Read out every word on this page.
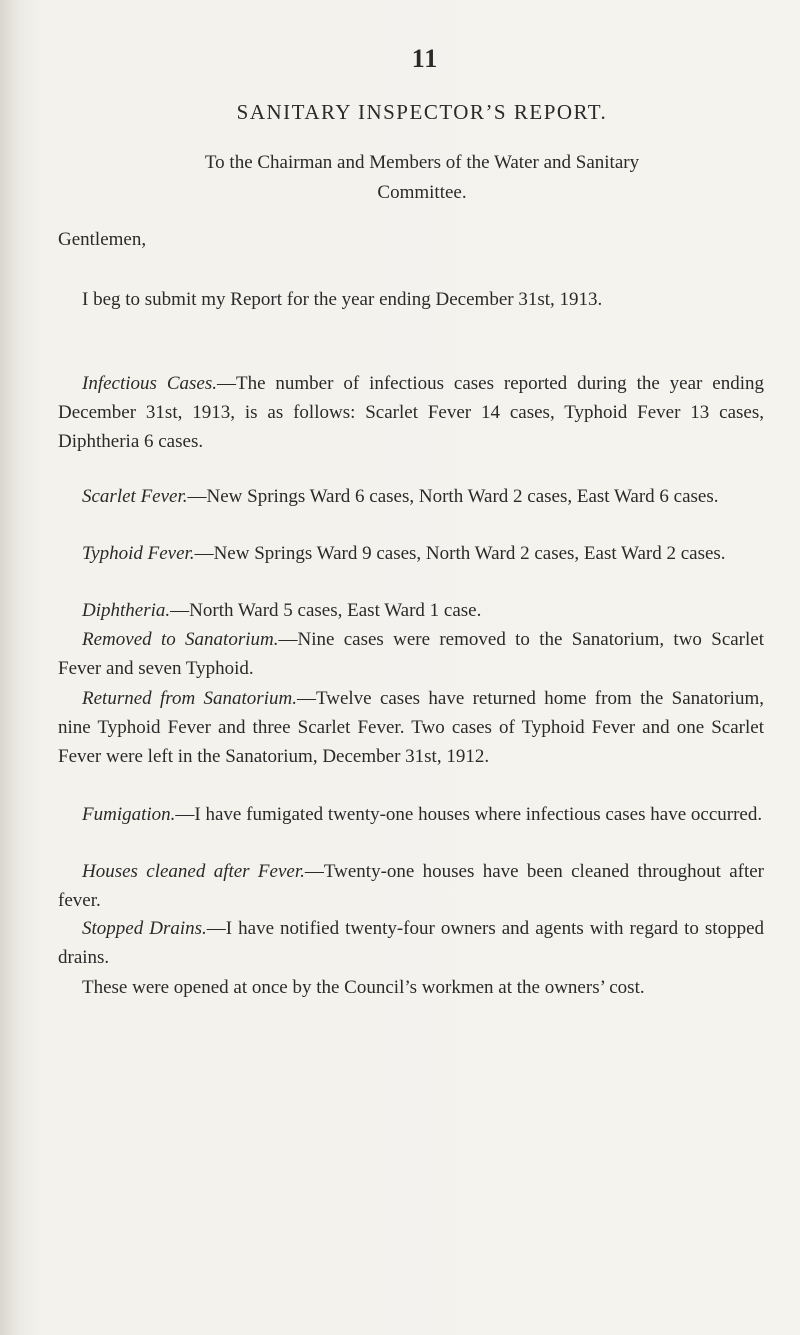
11
SANITARY INSPECTOR’S REPORT.
To the Chairman and Members of the Water and Sanitary
Committee.
Gentlemen,

I beg to submit my Report for the year ending December 31st, 1913.

Infectious Cases.—The number of infectious cases reported during the year ending December 31st, 1913, is as follows: Scarlet Fever 14 cases, Typhoid Fever 13 cases, Diphtheria 6 cases.

Scarlet Fever.—New Springs Ward 6 cases, North Ward 2 cases, East Ward 6 cases.

Typhoid Fever.—New Springs Ward 9 cases, North Ward 2 cases, East Ward 2 cases.

Diphtheria.—North Ward 5 cases, East Ward 1 case.

Removed to Sanatorium.—Nine cases were removed to the Sanatorium, two Scarlet Fever and seven Typhoid.

Returned from Sanatorium.—Twelve cases have returned home from the Sanatorium, nine Typhoid Fever and three Scarlet Fever. Two cases of Typhoid Fever and one Scarlet Fever were left in the Sanatorium, December 31st, 1912.

Fumigation.—I have fumigated twenty-one houses where infectious cases have occurred.

Houses cleaned after Fever.—Twenty-one houses have been cleaned throughout after fever.

Stopped Drains.—I have notified twenty-four owners and agents with regard to stopped drains.

These were opened at once by the Council’s workmen at the owners’ cost.
